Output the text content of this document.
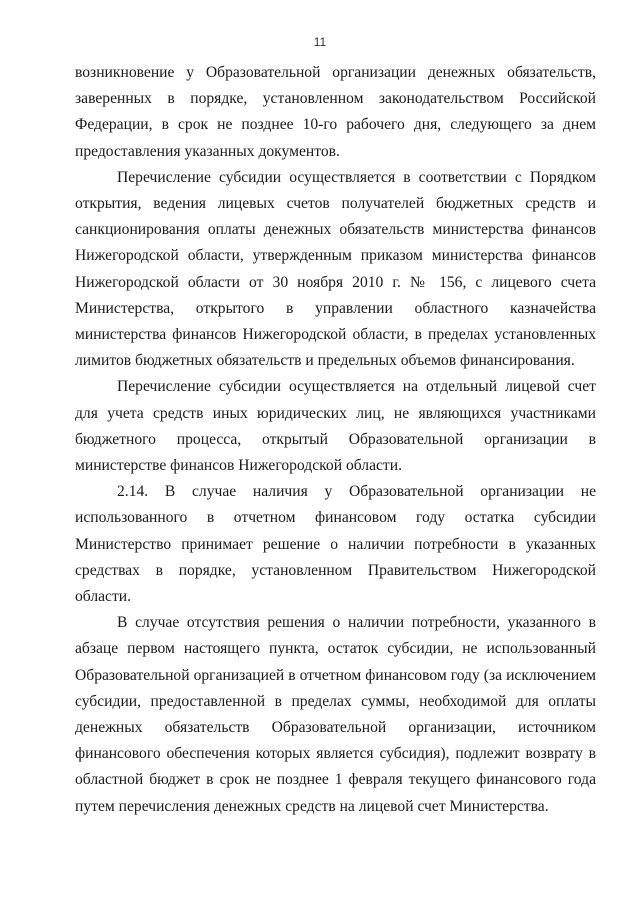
11

возникновение у Образовательной организации денежных обязательств, заверенных в порядке, установленном законодательством Российской Федерации, в срок не позднее 10-го рабочего дня, следующего за днем предоставления указанных документов.

Перечисление субсидии осуществляется в соответствии с Порядком открытия, ведения лицевых счетов получателей бюджетных средств и санкционирования оплаты денежных обязательств министерства финансов Нижегородской области, утвержденным приказом министерства финансов Нижегородской области от 30 ноября 2010 г. № 156, с лицевого счета Министерства, открытого в управлении областного казначейства министерства финансов Нижегородской области, в пределах установленных лимитов бюджетных обязательств и предельных объемов финансирования.

Перечисление субсидии осуществляется на отдельный лицевой счет для учета средств иных юридических лиц, не являющихся участниками бюджетного процесса, открытый Образовательной организации в министерстве финансов Нижегородской области.

2.14. В случае наличия у Образовательной организации не использованного в отчетном финансовом году остатка субсидии Министерство принимает решение о наличии потребности в указанных средствах в порядке, установленном Правительством Нижегородской области.

В случае отсутствия решения о наличии потребности, указанного в абзаце первом настоящего пункта, остаток субсидии, не использованный Образовательной организацией в отчетном финансовом году (за исключением субсидии, предоставленной в пределах суммы, необходимой для оплаты денежных обязательств Образовательной организации, источником финансового обеспечения которых является субсидия), подлежит возврату в областной бюджет в срок не позднее 1 февраля текущего финансового года путем перечисления денежных средств на лицевой счет Министерства.
